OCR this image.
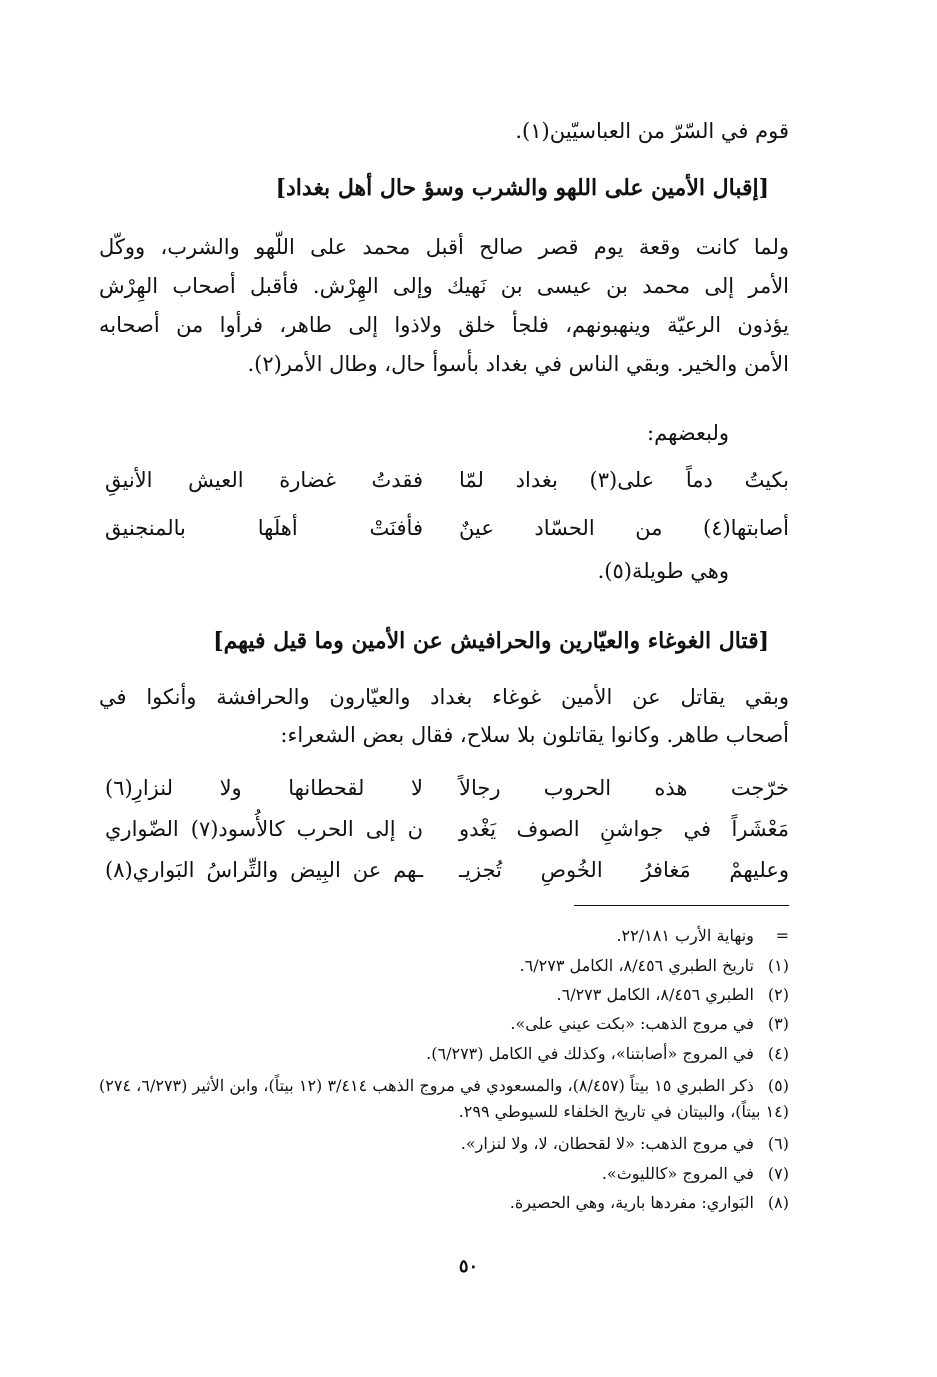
قوم في السّرّ من العباسيّين(١).
[إقبال الأمين على اللهو والشرب وسؤ حال أهل بغداد]
ولما كانت وقعة يوم قصر صالح أقبل محمد على اللّهو والشرب، ووكّل
الأمر إلى محمد بن عيسى بن نَهيك وإلى الهِرْش. فأقبل أصحاب الهِرْش
يؤذون الرعيّة وينهبونهم، فلجأ خلق ولاذوا إلى طاهر، فرأوا من أصحابه
الأمن والخير. وبقي الناس في بغداد بأسوأ حال، وطال الأمر(٢).
ولبعضهم:
بكيتُ دماً على(٣) بغداد لمّا
فقدتُ غضارة العيش الأنيقِ
أصابتها(٤) من الحسّاد عينٌ
فأفنَتْ أهلَها بالمنجنيق
وهي طويلة(٥).
[قتال الغوغاء والعيّارين والحرافيش عن الأمين وما قيل فيهم]
وبقي يقاتل عن الأمين غوغاء بغداد والعيّارون والحرافشة وأنكوا في
أصحاب طاهر. وكانوا يقاتلون بلا سلاح، فقال بعض الشعراء:
خرّجت هذه الحروب رجالاً
لا لقحطانها ولا لنزارِ(٦)
مَعْشَراً في جواشنِ الصوف يَغْدو
ن إلى الحرب كالأُسود(٧) الضّواري
وعليهمْ مَغافرُ الخُوصِ تُجزيـ
ـهم عن البِيض والتِّراسُ البَواري(٨)
= ونهاية الأرب ٢٢/١٨١.
(١) تاريخ الطبري ٨/٤٥٦، الكامل ٦/٢٧٣.
(٢) الطبري ٨/٤٥٦، الكامل ٦/٢٧٣.
(٣) في مروج الذهب: «بكت عيني على».
(٤) في المروج «أصابتنا»، وكذلك في الكامل (٦/٢٧٣).
(٥) ذكر الطبري ١٥ بيتاً (٨/٤٥٧)، والمسعودي في مروج الذهب ٣/٤١٤ (١٢ بيتاً)، وابن الأثير (٦/٢٧٣، ٢٧٤) (١٤ بيتاً)، والبيتان في تاريخ الخلفاء للسيوطي ٢٩٩.
(٦) في مروج الذهب: «لا لقحطان، لا، ولا لنزار».
(٧) في المروج «كالليوث».
(٨) البَواري: مفردها بارية، وهي الحصيرة.
٥٠
